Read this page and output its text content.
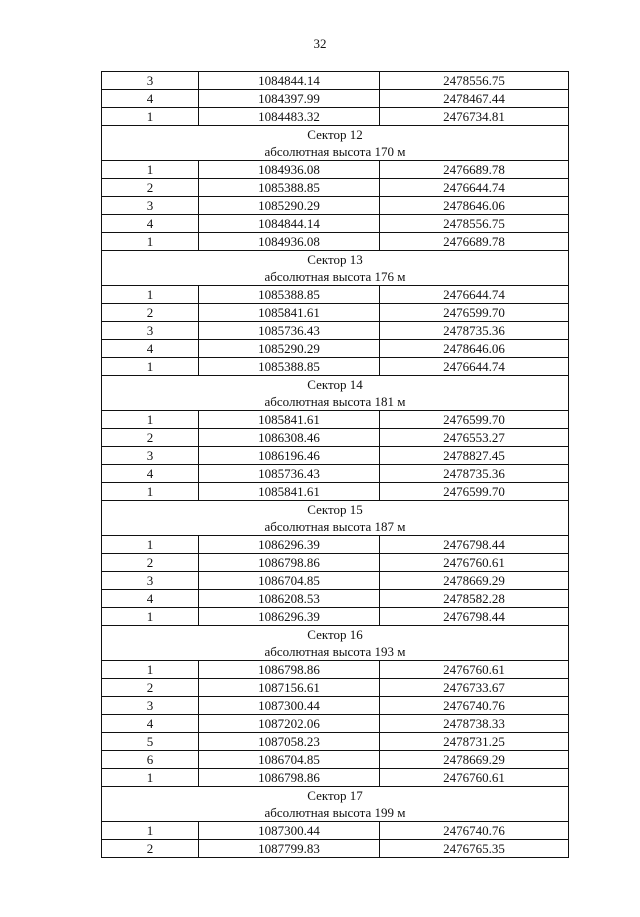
32
3	1084844.14	2478556.75
4	1084397.99	2478467.44
1	1084483.32	2476734.81

Сектор 12
абсолютная высота 170 м		

1	1084936.08	2476689.78
2	1085388.85	2476644.74
3	1085290.29	2478646.06
4	1084844.14	2478556.75
1	1084936.08	2476689.78

Сектор 13
абсолютная высота 176 м		

1	1085388.85	2476644.74
2	1085841.61	2476599.70
3	1085736.43	2478735.36
4	1085290.29	2478646.06
1	1085388.85	2476644.74

Сектор 14
абсолютная высота 181 м		

1	1085841.61	2476599.70
2	1086308.46	2476553.27
3	1086196.46	2478827.45
4	1085736.43	2478735.36
1	1085841.61	2476599.70

Сектор 15
абсолютная высота 187 м		

1	1086296.39	2476798.44
2	1086798.86	2476760.61
3	1086704.85	2478669.29
4	1086208.53	2478582.28
1	1086296.39	2476798.44

Сектор 16
абсолютная высота 193 м		

1	1086798.86	2476760.61
2	1087156.61	2476733.67
3	1087300.44	2476740.76
4	1087202.06	2478738.33
5	1087058.23	2478731.25
6	1086704.85	2478669.29
1	1086798.86	2476760.61

Сектор 17
абсолютная высота 199 м		

1	1087300.44	2476740.76
2	1087799.83	2476765.35
